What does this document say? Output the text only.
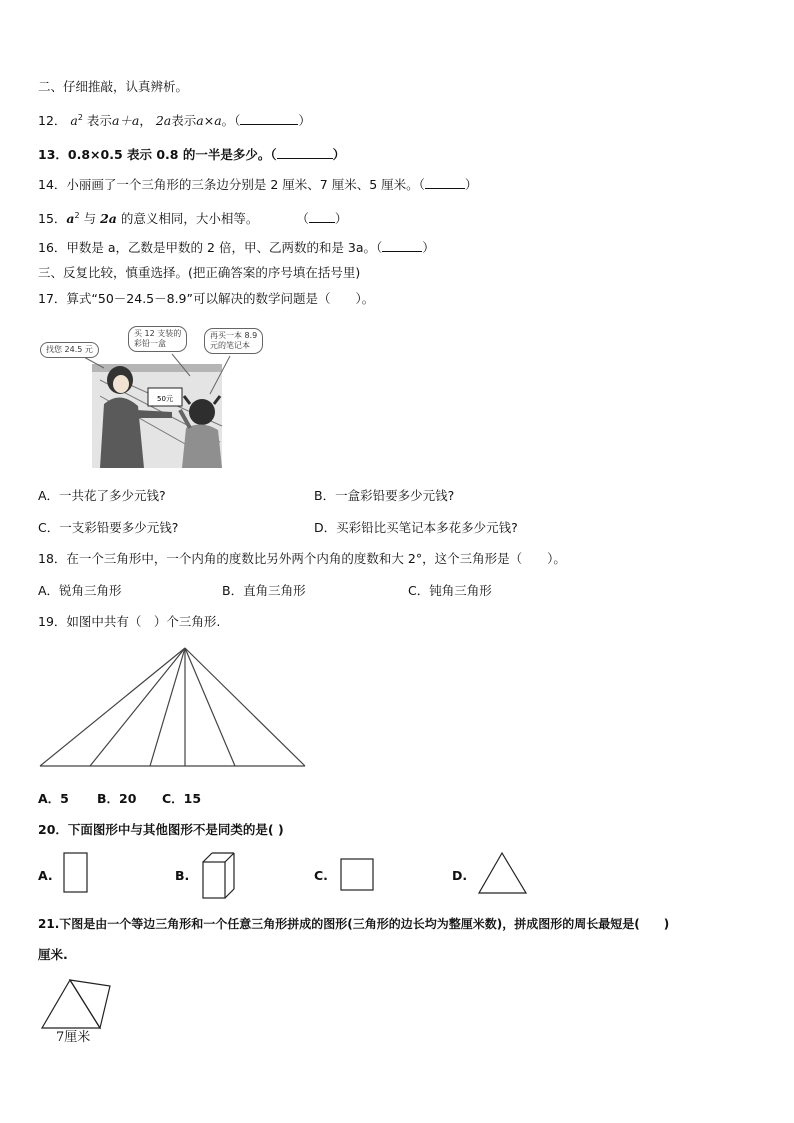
二、仔细推敲，认真辨析。
12． $a^2$ 表示a＋a， 2a表示a×a。（	）
13．0.8×0.5 表示 0.8 的一半是多少。（	）
14．小丽画了一个三角形的三条边分别是 2 厘米、7 厘米、5 厘米。（	）
15．$a^2$ 与 2a 的意义相同，大小相等。	（ ）
16．甲数是 a，乙数是甲数的 2 倍，甲、乙两数的和是 3a。（	）
三、反复比较，慎重选择。(把正确答案的序号填在括号里)
17．算式“50－24.5－8.9”可以解决的数学问题是（　　）。
50元
找您 24.5 元
买 12 支装的
彩铅一盒
再买一本 8.9
元的笔记本
A．一共花了多少元钱?	B．一盒彩铅要多少元钱?
C．一支彩铅要多少元钱?	D．买彩铅比买笔记本多花多少元钱?
18．在一个三角形中，一个内角的度数比另外两个内角的度数和大 2°，这个三角形是（　　）。
A．锐角三角形	B．直角三角形	C．钝角三角形
19．如图中共有（　）个三角形.
A．5 B．20 C．15
20．下面图形中与其他图形不是同类的是( )
A.	B.	C.	D.
21.下图是由一个等边三角形和一个任意三角形拼成的图形(三角形的边长均为整厘米数)，拼成图形的周长最短是(　　)
厘米.
7厘米
